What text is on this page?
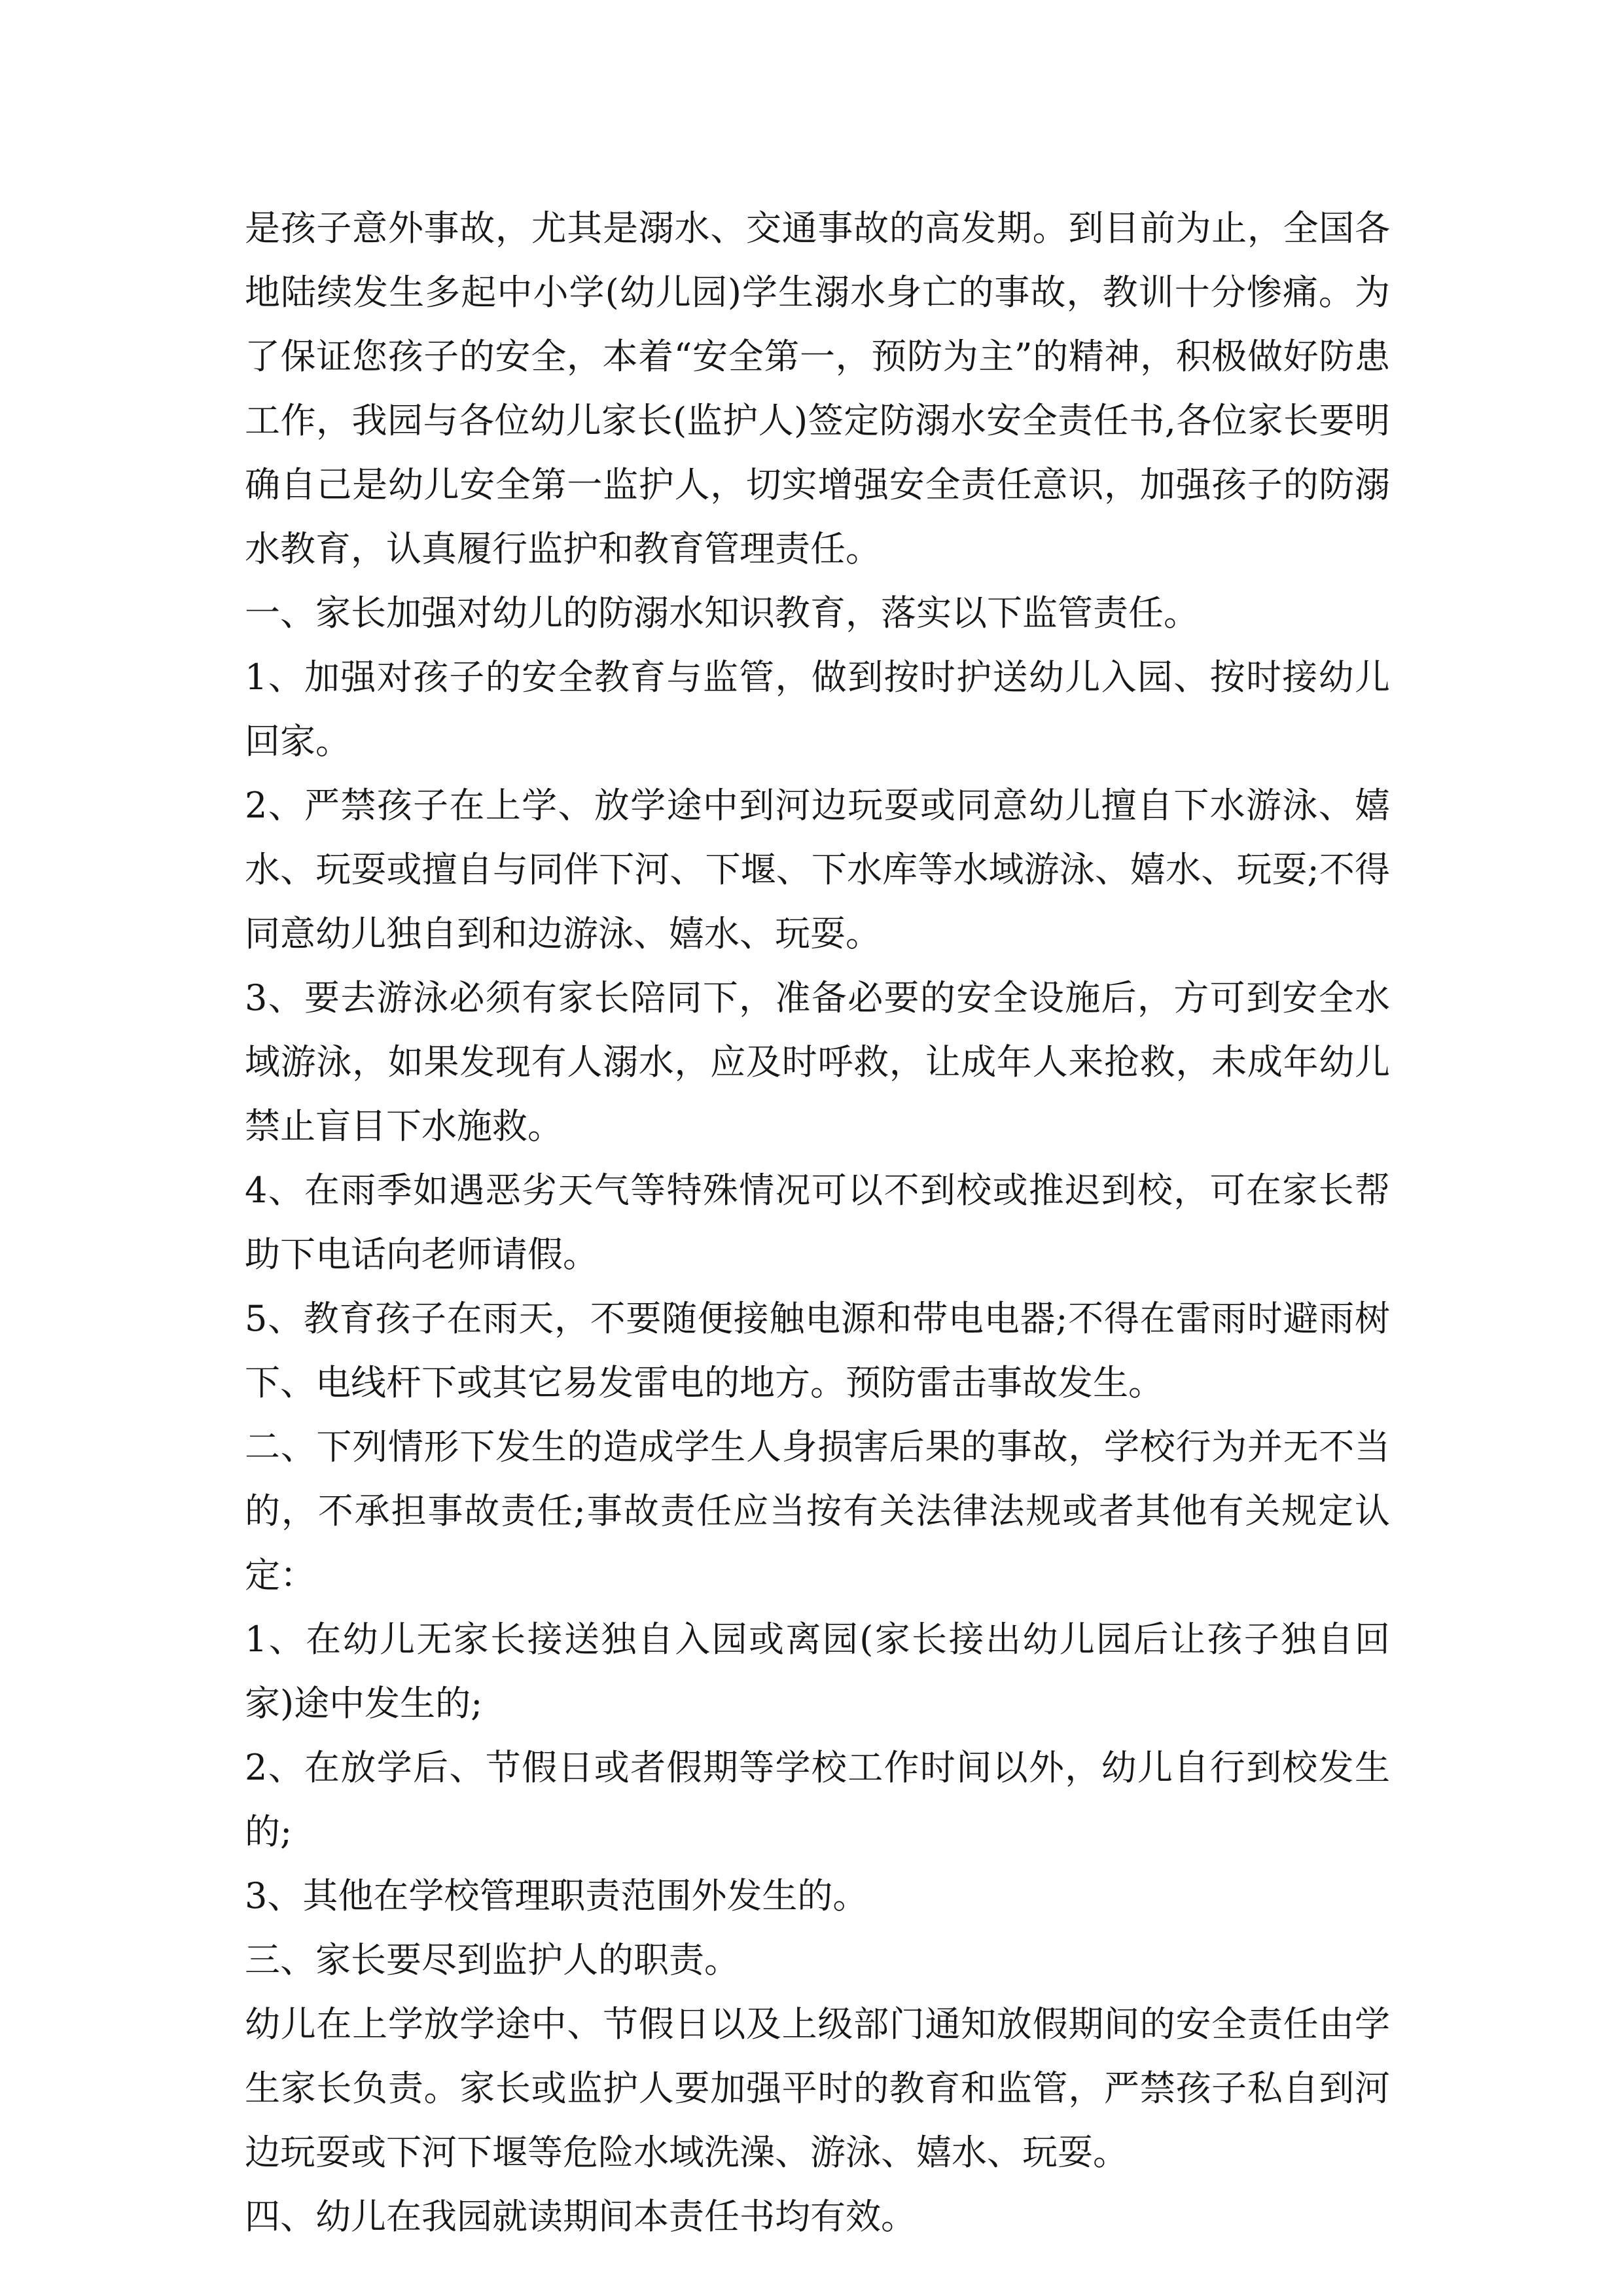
是孩子意外事故，尤其是溺水、交通事故的高发期。到目前为止，全国各地陆续发生多起中小学(幼儿园)学生溺水身亡的事故，教训十分惨痛。为了保证您孩子的安全，本着“安全第一，预防为主”的精神，积极做好防患工作，我园与各位幼儿家长(监护人)签定防溺水安全责任书,各位家长要明确自己是幼儿安全第一监护人，切实增强安全责任意识，加强孩子的防溺水教育，认真履行监护和教育管理责任。

一、家长加强对幼儿的防溺水知识教育，落实以下监管责任。

1、加强对孩子的安全教育与监管，做到按时护送幼儿入园、按时接幼儿回家。

2、严禁孩子在上学、放学途中到河边玩耍或同意幼儿擅自下水游泳、嬉水、玩耍或擅自与同伴下河、下堰、下水库等水域游泳、嬉水、玩耍;不得同意幼儿独自到和边游泳、嬉水、玩耍。

3、要去游泳必须有家长陪同下，准备必要的安全设施后，方可到安全水域游泳，如果发现有人溺水，应及时呼救，让成年人来抢救，未成年幼儿禁止盲目下水施救。

4、在雨季如遇恶劣天气等特殊情况可以不到校或推迟到校，可在家长帮助下电话向老师请假。

5、教育孩子在雨天，不要随便接触电源和带电电器;不得在雷雨时避雨树下、电线杆下或其它易发雷电的地方。预防雷击事故发生。

二、下列情形下发生的造成学生人身损害后果的事故，学校行为并无不当的，不承担事故责任;事故责任应当按有关法律法规或者其他有关规定认定：

1、在幼儿无家长接送独自入园或离园(家长接出幼儿园后让孩子独自回家)途中发生的;

2、在放学后、节假日或者假期等学校工作时间以外，幼儿自行到校发生的;

3、其他在学校管理职责范围外发生的。

三、家长要尽到监护人的职责。

幼儿在上学放学途中、节假日以及上级部门通知放假期间的安全责任由学生家长负责。家长或监护人要加强平时的教育和监管，严禁孩子私自到河边玩耍或下河下堰等危险水域洗澡、游泳、嬉水、玩耍。

四、幼儿在我园就读期间本责任书均有效。
